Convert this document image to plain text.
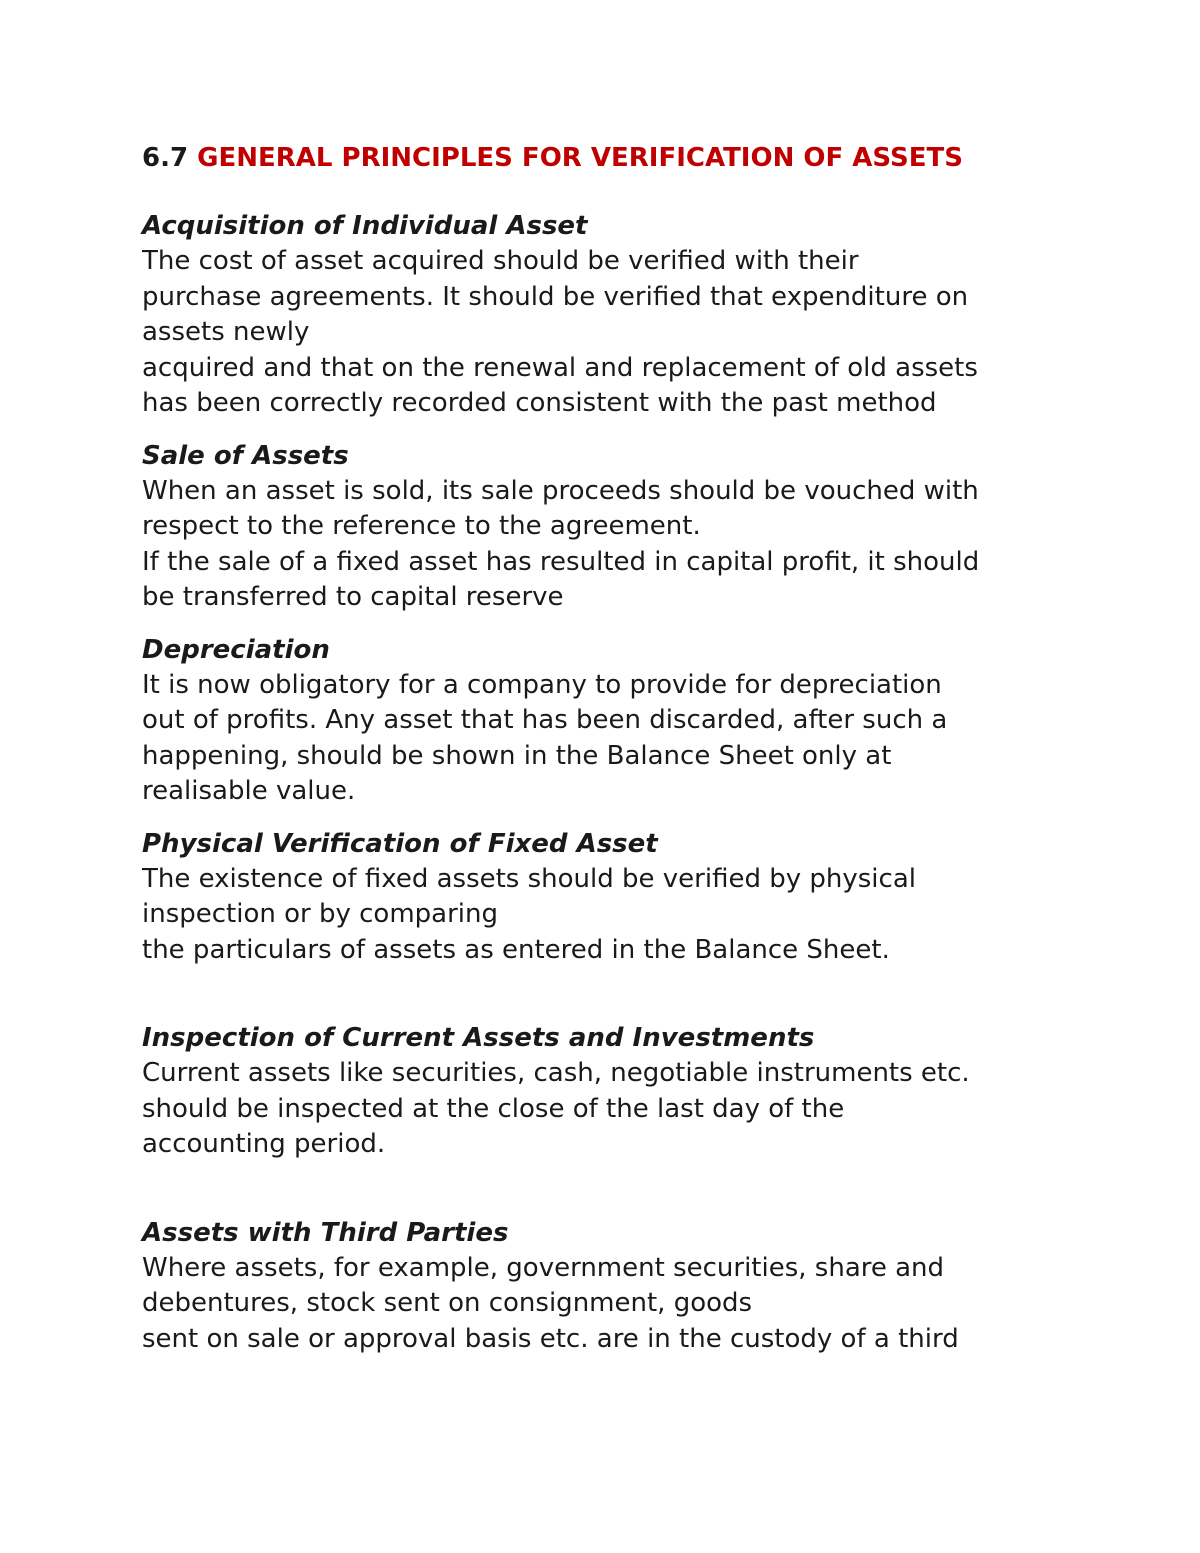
6.7 GENERAL PRINCIPLES FOR VERIFICATION OF ASSETS
Acquisition of Individual Asset
The cost of asset acquired should be verified with their
purchase agreements. It should be verified that expenditure on
assets newly
acquired and that on the renewal and replacement of old assets
has been correctly recorded consistent with the past method
Sale of Assets
When an asset is sold, its sale proceeds should be vouched with
respect to the reference to the agreement.
If the sale of a fixed asset has resulted in capital profit, it should
be transferred to capital reserve
Depreciation
It is now obligatory for a company to provide for depreciation
out of profits. Any asset that has been discarded, after such a
happening, should be shown in the Balance Sheet only at
realisable value.
Physical Verification of Fixed Asset
The existence of fixed assets should be verified by physical
inspection or by comparing
the particulars of assets as entered in the Balance Sheet.
Inspection of Current Assets and Investments
Current assets like securities, cash, negotiable instruments etc.
should be inspected at the close of the last day of the
accounting period.
Assets with Third Parties
Where assets, for example, government securities, share and
debentures, stock sent on consignment, goods
sent on sale or approval basis etc. are in the custody of a third
